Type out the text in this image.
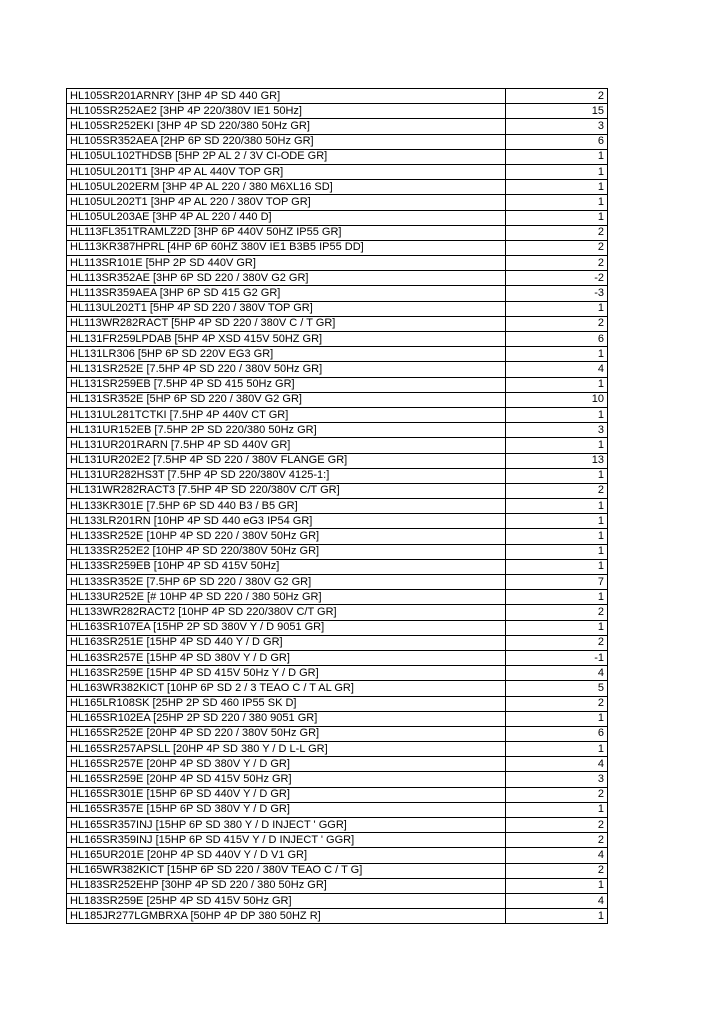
HL105SR201ARNRY [3HP 4P SD 440 GR]	2
HL105SR252AE2 [3HP 4P 220/380V IE1 50Hz]	15
HL105SR252EKI [3HP 4P SD 220/380 50Hz GR]	3
HL105SR352AEA [2HP 6P SD 220/380 50Hz GR]	6
HL105UL102THDSB [5HP 2P AL 2 / 3V CI-ODE GR]	1
HL105UL201T1 [3HP 4P AL 440V TOP GR]	1
HL105UL202ERM [3HP 4P AL 220 / 380 M6XL16 SD]	1
HL105UL202T1 [3HP 4P AL 220 / 380V TOP GR]	1
HL105UL203AE [3HP 4P AL 220 / 440 D]	1
HL113FL351TRAMLZ2D [3HP 6P 440V 50HZ IP55 GR]	2
HL113KR387HPRL [4HP 6P 60HZ 380V IE1 B3B5 IP55 DD]	2
HL113SR101E [5HP 2P SD 440V GR]	2
HL113SR352AE [3HP 6P SD 220 / 380V G2 GR]	-2
HL113SR359AEA [3HP 6P SD 415 G2 GR]	-3
HL113UL202T1 [5HP 4P SD 220 / 380V TOP GR]	1
HL113WR282RACT [5HP 4P SD 220 / 380V C / T GR]	2
HL131FR259LPDAB [5HP 4P XSD 415V 50HZ GR]	6
HL131LR306 [5HP 6P SD 220V EG3 GR]	1
HL131SR252E [7.5HP 4P SD 220 / 380V 50Hz GR]	4
HL131SR259EB [7.5HP 4P SD 415 50Hz GR]	1
HL131SR352E [5HP 6P SD 220 / 380V G2 GR]	10
HL131UL281TCTKI [7.5HP 4P 440V CT GR]	1
HL131UR152EB [7.5HP 2P SD 220/380 50Hz GR]	3
HL131UR201RARN [7.5HP 4P SD 440V GR]	1
HL131UR202E2 [7.5HP 4P SD 220 / 380V FLANGE GR]	13
HL131UR282HS3T [7.5HP 4P SD 220/380V 4125-1:]	1
HL131WR282RACT3 [7.5HP 4P SD 220/380V C/T GR]	2
HL133KR301E [7.5HP 6P SD 440 B3 / B5 GR]	1
HL133LR201RN [10HP 4P SD 440 eG3 IP54 GR]	1
HL133SR252E [10HP 4P SD 220 / 380V 50Hz GR]	1
HL133SR252E2 [10HP 4P SD 220/380V 50Hz GR]	1
HL133SR259EB [10HP 4P SD 415V 50Hz]	1
HL133SR352E [7.5HP 6P SD 220 / 380V G2 GR]	7
HL133UR252E [# 10HP 4P SD 220 / 380 50Hz GR]	1
HL133WR282RACT2 [10HP 4P SD 220/380V C/T GR]	2
HL163SR107EA [15HP 2P SD 380V Y / D 9051 GR]	1
HL163SR251E [15HP 4P SD 440 Y / D GR]	2
HL163SR257E [15HP 4P SD 380V Y / D GR]	-1
HL163SR259E [15HP 4P SD 415V 50Hz Y / D GR]	4
HL163WR382KICT [10HP 6P SD 2 / 3 TEAO C / T AL GR]	5
HL165LR108SK [25HP 2P SD 460 IP55 SK D]	2
HL165SR102EA [25HP 2P SD 220 / 380 9051 GR]	1
HL165SR252E [20HP 4P SD 220 / 380V 50Hz GR]	6
HL165SR257APSLL [20HP 4P SD 380 Y / D L-L GR]	1
HL165SR257E [20HP 4P SD 380V Y / D GR]	4
HL165SR259E [20HP 4P SD 415V 50Hz GR]	3
HL165SR301E [15HP 6P SD 440V Y / D GR]	2
HL165SR357E [15HP 6P SD 380V Y / D GR]	1
HL165SR357INJ [15HP 6P SD 380 Y / D INJECT ' GGR]	2
HL165SR359INJ [15HP 6P SD 415V Y / D INJECT ' GGR]	2
HL165UR201E [20HP 4P SD 440V Y / D V1 GR]	4
HL165WR382KICT [15HP 6P SD 220 / 380V TEAO C / T G]	2
HL183SR252EHP [30HP 4P SD 220 / 380 50Hz GR]	1
HL183SR259E [25HP 4P SD 415V 50Hz GR]	4
HL185JR277LGMBRXA [50HP 4P DP 380 50HZ R]	1
